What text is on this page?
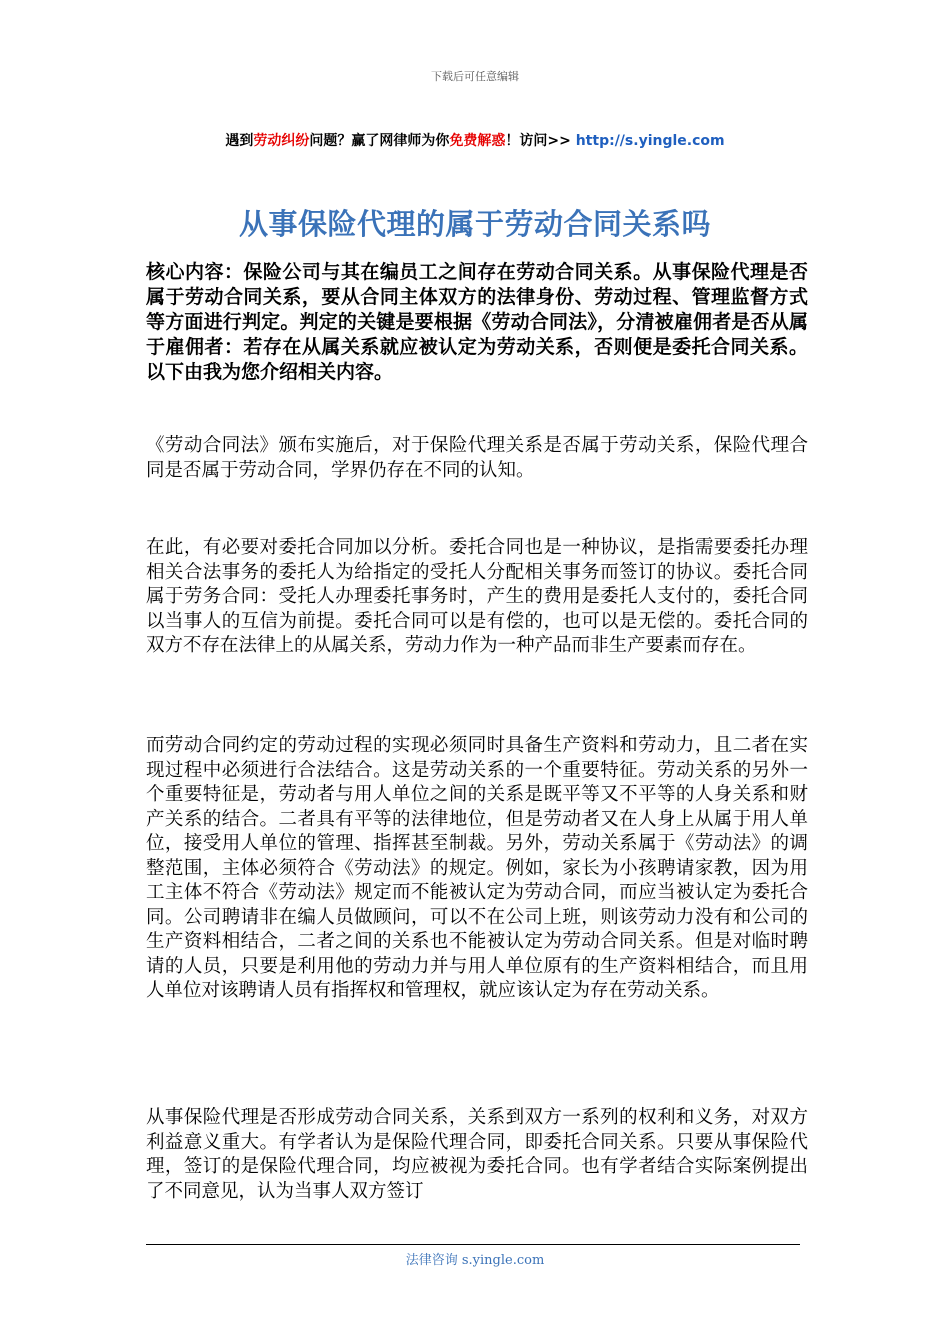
下载后可任意编辑
遇到劳动纠纷问题？赢了网律师为你免费解惑！访问>> http://s.yingle.com
从事保险代理的属于劳动合同关系吗
核心内容：保险公司与其在编员工之间存在劳动合同关系。从事保险代理是否属于劳动合同关系，要从合同主体双方的法律身份、劳动过程、管理监督方式等方面进行判定。判定的关键是要根据《劳动合同法》，分清被雇佣者是否从属于雇佣者：若存在从属关系就应被认定为劳动关系，否则便是委托合同关系。以下由我为您介绍相关内容。
《劳动合同法》颁布实施后，对于保险代理关系是否属于劳动关系，保险代理合同是否属于劳动合同，学界仍存在不同的认知。
在此，有必要对委托合同加以分析。委托合同也是一种协议，是指需要委托办理相关合法事务的委托人为给指定的受托人分配相关事务而签订的协议。委托合同属于劳务合同：受托人办理委托事务时，产生的费用是委托人支付的，委托合同以当事人的互信为前提。委托合同可以是有偿的，也可以是无偿的。委托合同的双方不存在法律上的从属关系，劳动力作为一种产品而非生产要素而存在。
而劳动合同约定的劳动过程的实现必须同时具备生产资料和劳动力，且二者在实现过程中必须进行合法结合。这是劳动关系的一个重要特征。劳动关系的另外一个重要特征是，劳动者与用人单位之间的关系是既平等又不平等的人身关系和财产关系的结合。二者具有平等的法律地位，但是劳动者又在人身上从属于用人单位，接受用人单位的管理、指挥甚至制裁。另外，劳动关系属于《劳动法》的调整范围，主体必须符合《劳动法》的规定。例如，家长为小孩聘请家教，因为用工主体不符合《劳动法》规定而不能被认定为劳动合同，而应当被认定为委托合同。公司聘请非在编人员做顾问，可以不在公司上班，则该劳动力没有和公司的生产资料相结合，二者之间的关系也不能被认定为劳动合同关系。但是对临时聘请的人员，只要是利用他的劳动力并与用人单位原有的生产资料相结合，而且用人单位对该聘请人员有指挥权和管理权，就应该认定为存在劳动关系。
从事保险代理是否形成劳动合同关系，关系到双方一系列的权利和义务，对双方利益意义重大。有学者认为是保险代理合同，即委托合同关系。只要从事保险代理，签订的是保险代理合同，均应被视为委托合同。也有学者结合实际案例提出了不同意见，认为当事人双方签订
法律咨询 s.yingle.com
